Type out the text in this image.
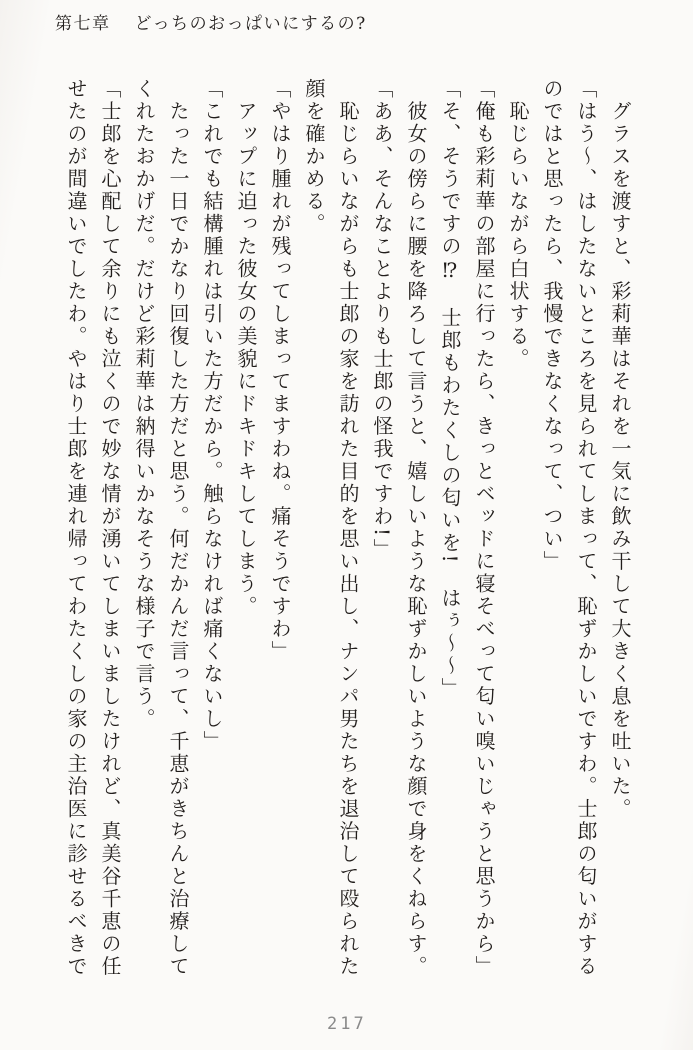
第七章 どっちのおっぱいにするの?
　グラスを渡すと、彩莉華はそれを一気に飲み干して大きく息を吐いた。
「はう〜、はしたないところを見られてしまって、恥ずかしいですわ。士郎の匂いがする
のではと思ったら、我慢できなくなって、つい」
　恥じらいながら白状する。
「俺も彩莉華の部屋に行ったら、きっとベッドに寝そべって匂い嗅いじゃうと思うから」
「そ、そうですの⁉　士郎もわたくしの匂いを!　はぅ〜〜」
　彼女の傍らに腰を降ろして言うと、嬉しいような恥ずかしいような顔で身をくねらす。
「ああ、そんなことよりも士郎の怪我ですわ!」
　恥じらいながらも士郎の家を訪れた目的を思い出し、ナンパ男たちを退治して殴られた
顔を確かめる。
「やはり腫れが残ってしまってますわね。痛そうですわ」
　アップに迫った彼女の美貌にドキドキしてしまう。
「これでも結構腫れは引いた方だから。触らなければ痛くないし」
　たった一日でかなり回復した方だと思う。何だかんだ言って、千恵がきちんと治療して
くれたおかげだ。だけど彩莉華は納得いかなそうな様子で言う。
「士郎を心配して余りにも泣くので妙な情が湧いてしまいましたけれど、真美谷千恵の任
せたのが間違いでしたわ。やはり士郎を連れ帰ってわたくしの家の主治医に診せるべきで
217
